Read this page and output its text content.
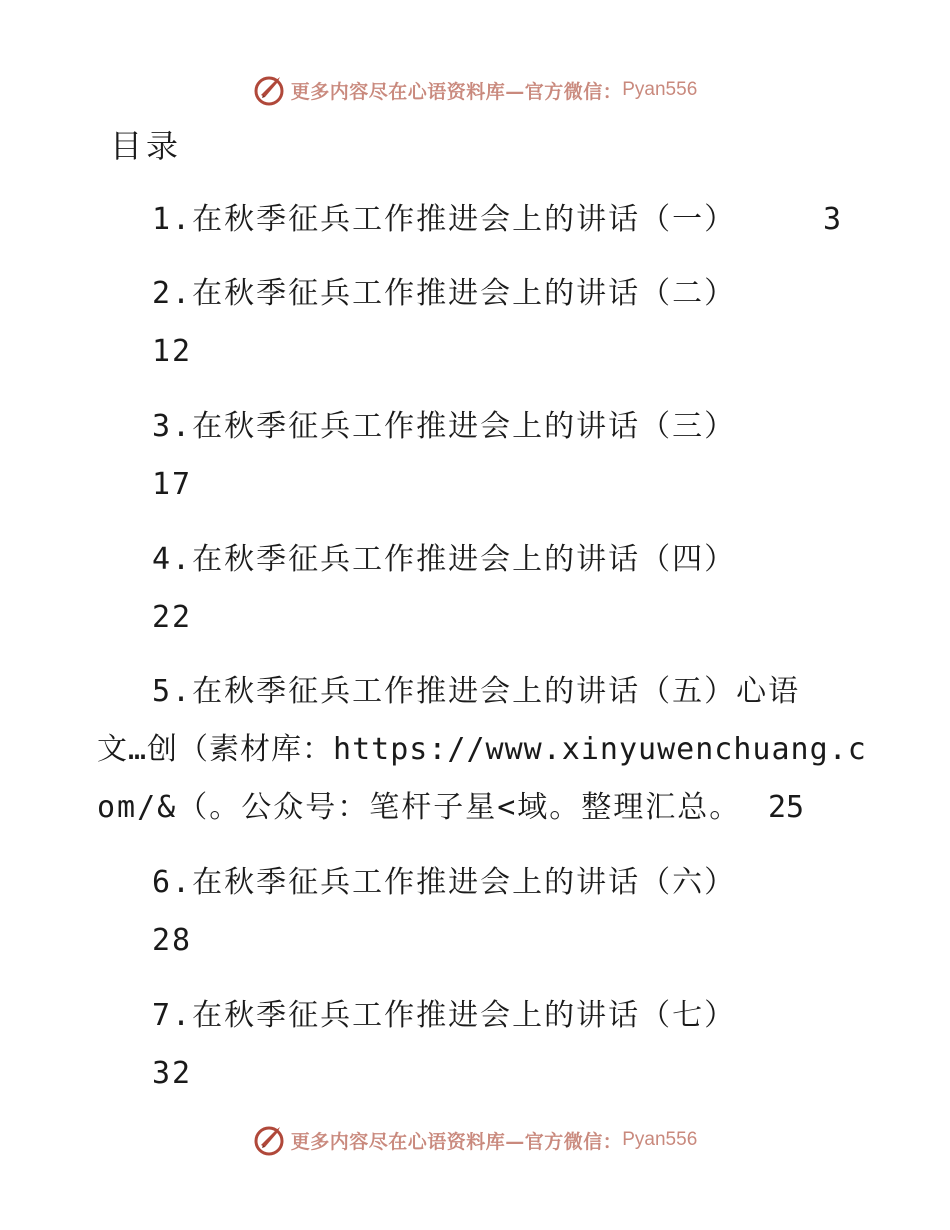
更多内容尽在心语资料库—官方微信： Pyan556
目录
1.在秋季征兵工作推进会上的讲话（一）	3
2.在秋季征兵工作推进会上的讲话（二）
12
3.在秋季征兵工作推进会上的讲话（三）
17
4.在秋季征兵工作推进会上的讲话（四）
22
5.在秋季征兵工作推进会上的讲话（五）心语
文…创（素材库：https://www.xinyuwenchuang.c
om/&（。公众号：笔杆子星<域。整理汇总。 25
6.在秋季征兵工作推进会上的讲话（六）
28
7.在秋季征兵工作推进会上的讲话（七）
32
更多内容尽在心语资料库—官方微信： Pyan556
